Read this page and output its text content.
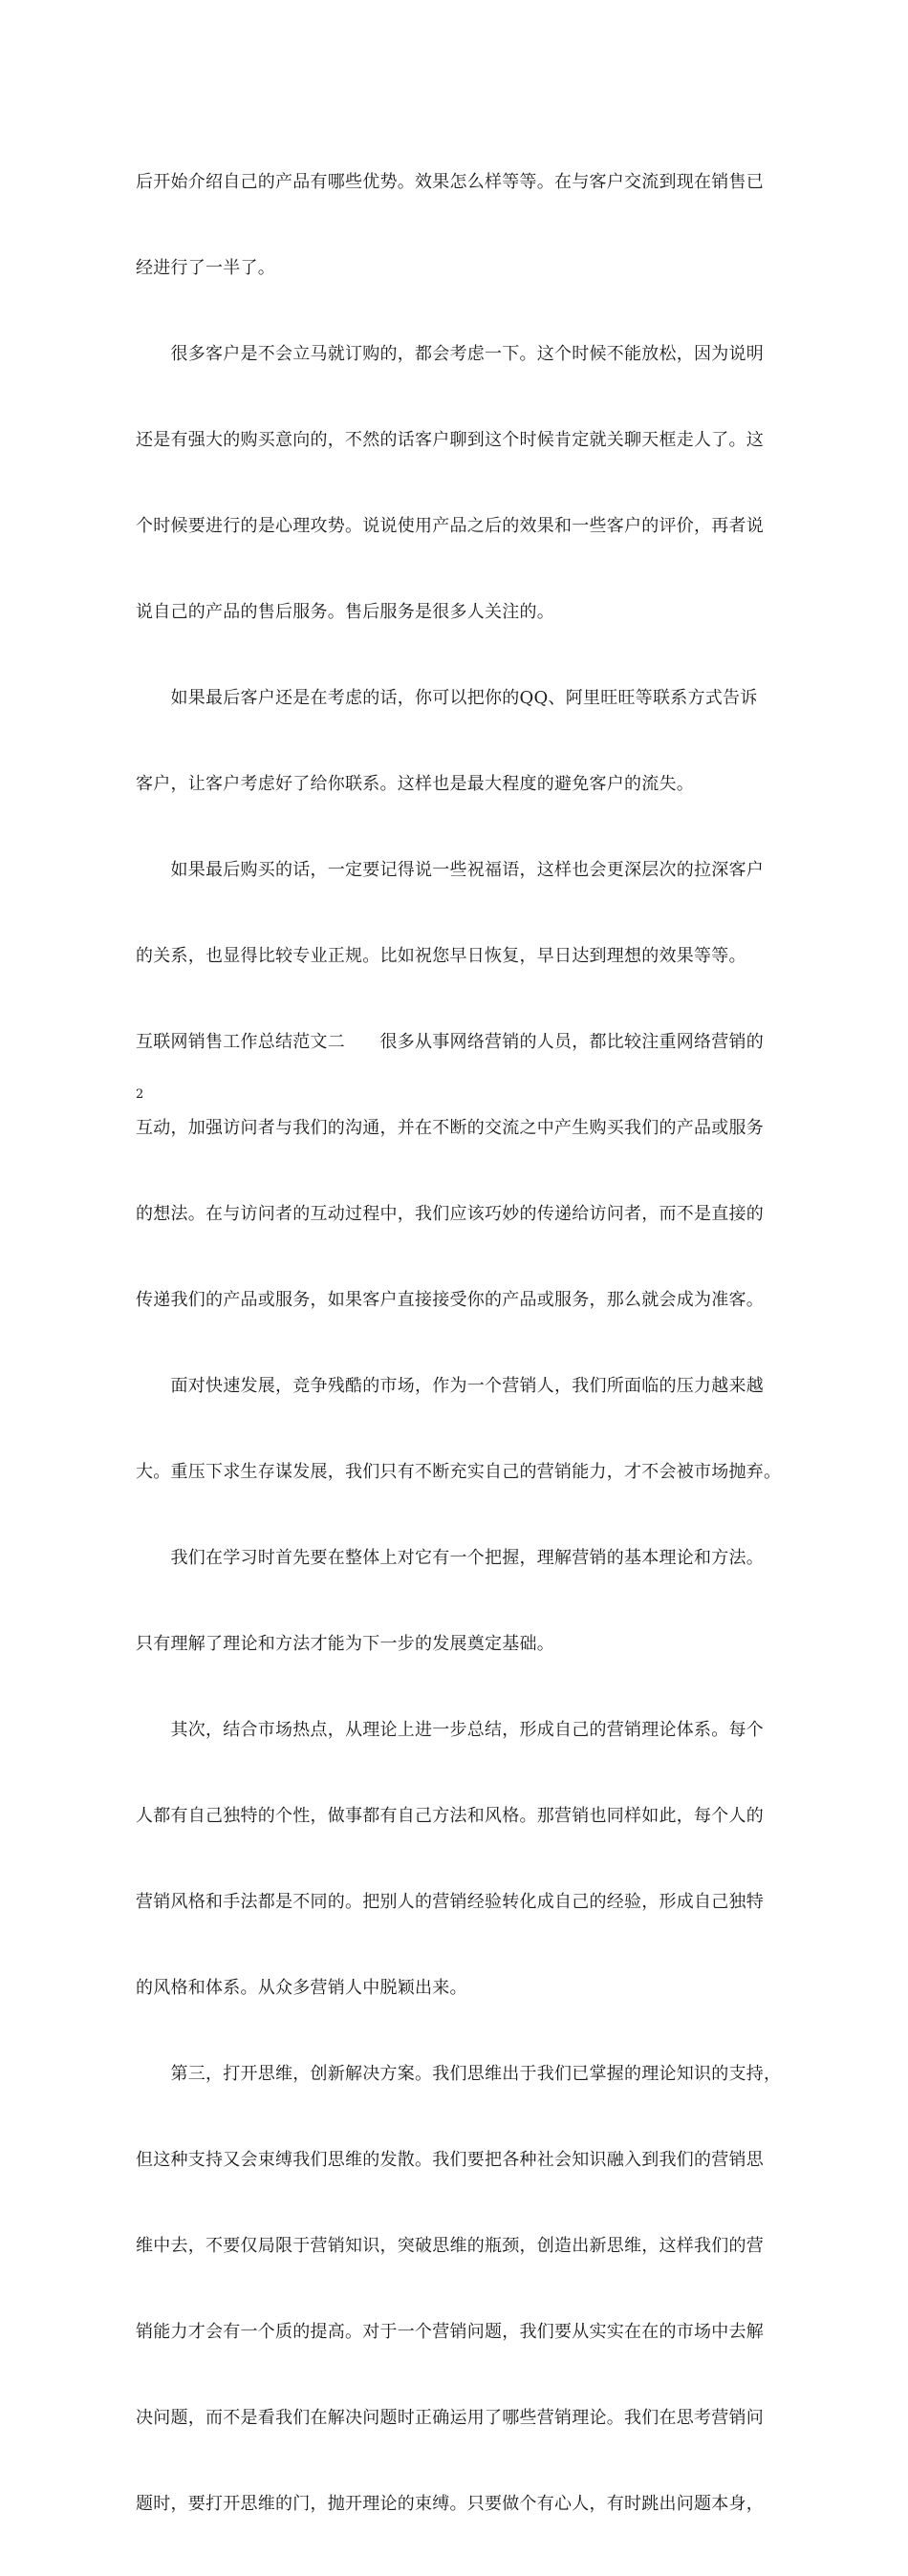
后开始介绍自己的产品有哪些优势。效果怎么样等等。在与客户交流到现在销售已

经进行了一半了。

　　很多客户是不会立马就订购的，都会考虑一下。这个时候不能放松，因为说明

还是有强大的购买意向的，不然的话客户聊到这个时候肯定就关聊天框走人了。这

个时候要进行的是心理攻势。说说使用产品之后的效果和一些客户的评价，再者说

说自己的产品的售后服务。售后服务是很多人关注的。

　　如果最后客户还是在考虑的话，你可以把你的QQ、阿里旺旺等联系方式告诉

客户，让客户考虑好了给你联系。这样也是最大程度的避免客户的流失。

　　如果最后购买的话，一定要记得说一些祝福语，这样也会更深层次的拉深客户

的关系，也显得比较专业正规。比如祝您早日恢复，早日达到理想的效果等等。

互联网销售工作总结范文二　　很多从事网络营销的人员，都比较注重网络营销的

互动，加强访问者与我们的沟通，并在不断的交流之中产生购买我们的产品或服务

的想法。在与访问者的互动过程中，我们应该巧妙的传递给访问者，而不是直接的

传递我们的产品或服务，如果客户直接接受你的产品或服务，那么就会成为准客。

　　面对快速发展，竞争残酷的市场，作为一个营销人，我们所面临的压力越来越

大。重压下求生存谋发展，我们只有不断充实自己的营销能力，才不会被市场抛弃。

　　我们在学习时首先要在整体上对它有一个把握，理解营销的基本理论和方法。

只有理解了理论和方法才能为下一步的发展奠定基础。

　　其次，结合市场热点，从理论上进一步总结，形成自己的营销理论体系。每个

人都有自己独特的个性，做事都有自己方法和风格。那营销也同样如此，每个人的

营销风格和手法都是不同的。把别人的营销经验转化成自己的经验，形成自己独特

的风格和体系。从众多营销人中脱颖出来。

　　第三，打开思维，创新解决方案。我们思维出于我们已掌握的理论知识的支持，

但这种支持又会束缚我们思维的发散。我们要把各种社会知识融入到我们的营销思

维中去，不要仅局限于营销知识，突破思维的瓶颈，创造出新思维，这样我们的营

销能力才会有一个质的提高。对于一个营销问题，我们要从实实在在的市场中去解

决问题，而不是看我们在解决问题时正确运用了哪些营销理论。我们在思考营销问

题时，要打开思维的门，抛开理论的束缚。只要做个有心人，有时跳出问题本身，

2
